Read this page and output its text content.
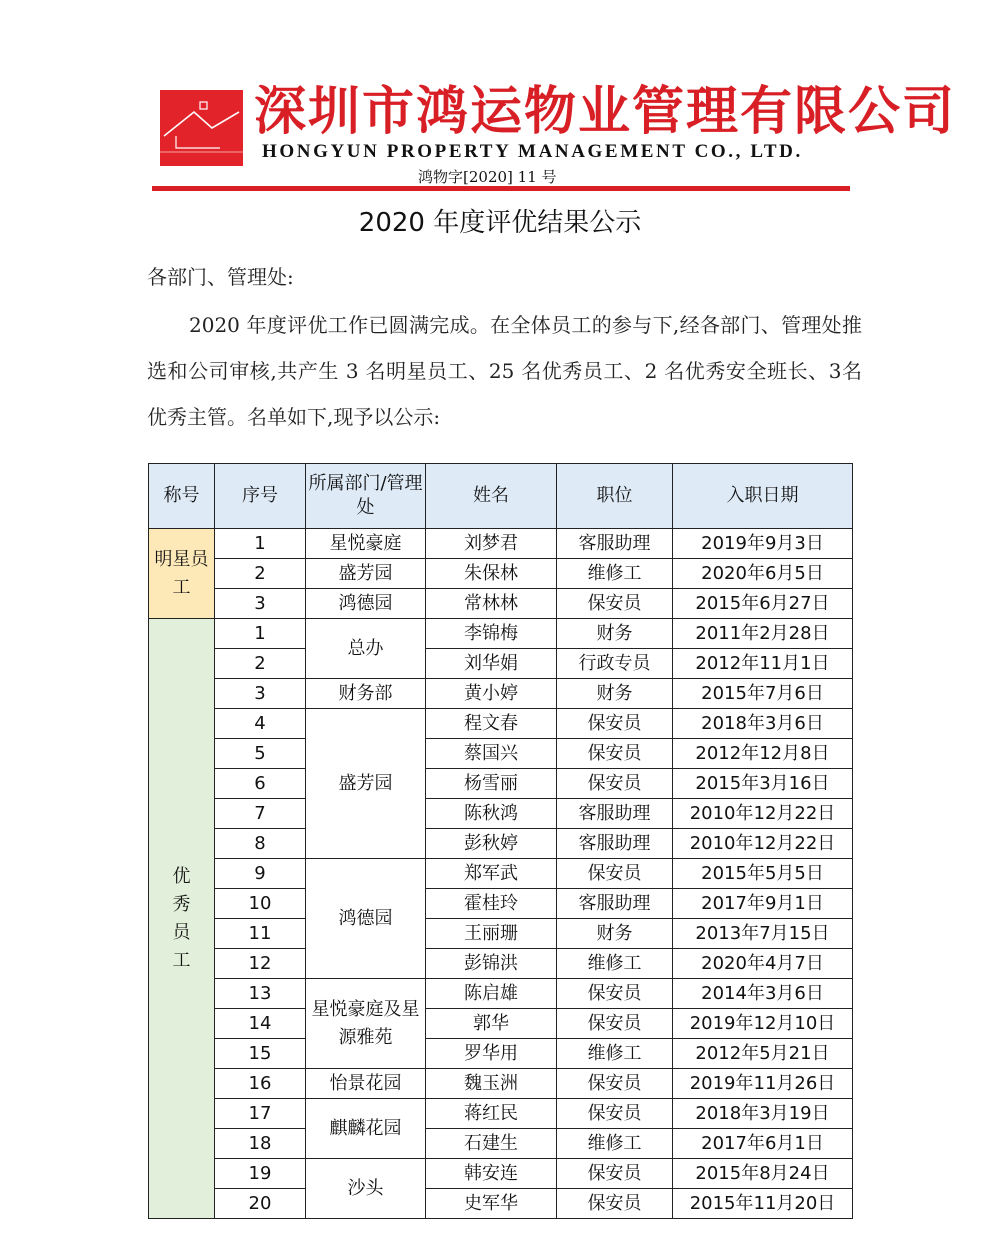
深圳市鸿运物业管理有限公司
HONGYUN PROPERTY MANAGEMENT CO., LTD.
鸿物字[2020] 11 号
2020 年度评优结果公示
各部门、管理处:
2020 年度评优工作已圆满完成。在全体员工的参与下,经各部门、管理处推选和公司审核,共产生 3 名明星员工、25 名优秀员工、2 名优秀安全班长、3名优秀主管。名单如下,现予以公示:
称号	序号	所属部门/管理处	姓名	职位	入职日期
明星员工	1	星悦豪庭	刘梦君	客服助理	2019年9月3日
	2	盛芳园	朱保林	维修工	2020年6月5日
	3	鸿德园	常林林	保安员	2015年6月27日

优
秀
员
工	1	总办	李锦梅	财务	2011年2月28日
	2		刘华娟	行政专员	2012年11月1日
	3	财务部	黄小婷	财务	2015年7月6日
	4	盛芳园	程文春	保安员	2018年3月6日
	5		蔡国兴	保安员	2012年12月8日
	6		杨雪丽	保安员	2015年3月16日
	7		陈秋鸿	客服助理	2010年12月22日
	8		彭秋婷	客服助理	2010年12月22日
	9	鸿德园	郑军武	保安员	2015年5月5日
	10		霍桂玲	客服助理	2017年9月1日
	11		王丽珊	财务	2013年7月15日
	12		彭锦洪	维修工	2020年4月7日
	13	星悦豪庭及星源雅苑	陈启雄	保安员	2014年3月6日
	14		郭华	保安员	2019年12月10日
	15		罗华用	维修工	2012年5月21日
	16	怡景花园	魏玉洲	保安员	2019年11月26日
	17	麒麟花园	蒋红民	保安员	2018年3月19日
	18		石建生	维修工	2017年6月1日
	19	沙头	韩安连	保安员	2015年8月24日
	20		史军华	保安员	2015年11月20日
